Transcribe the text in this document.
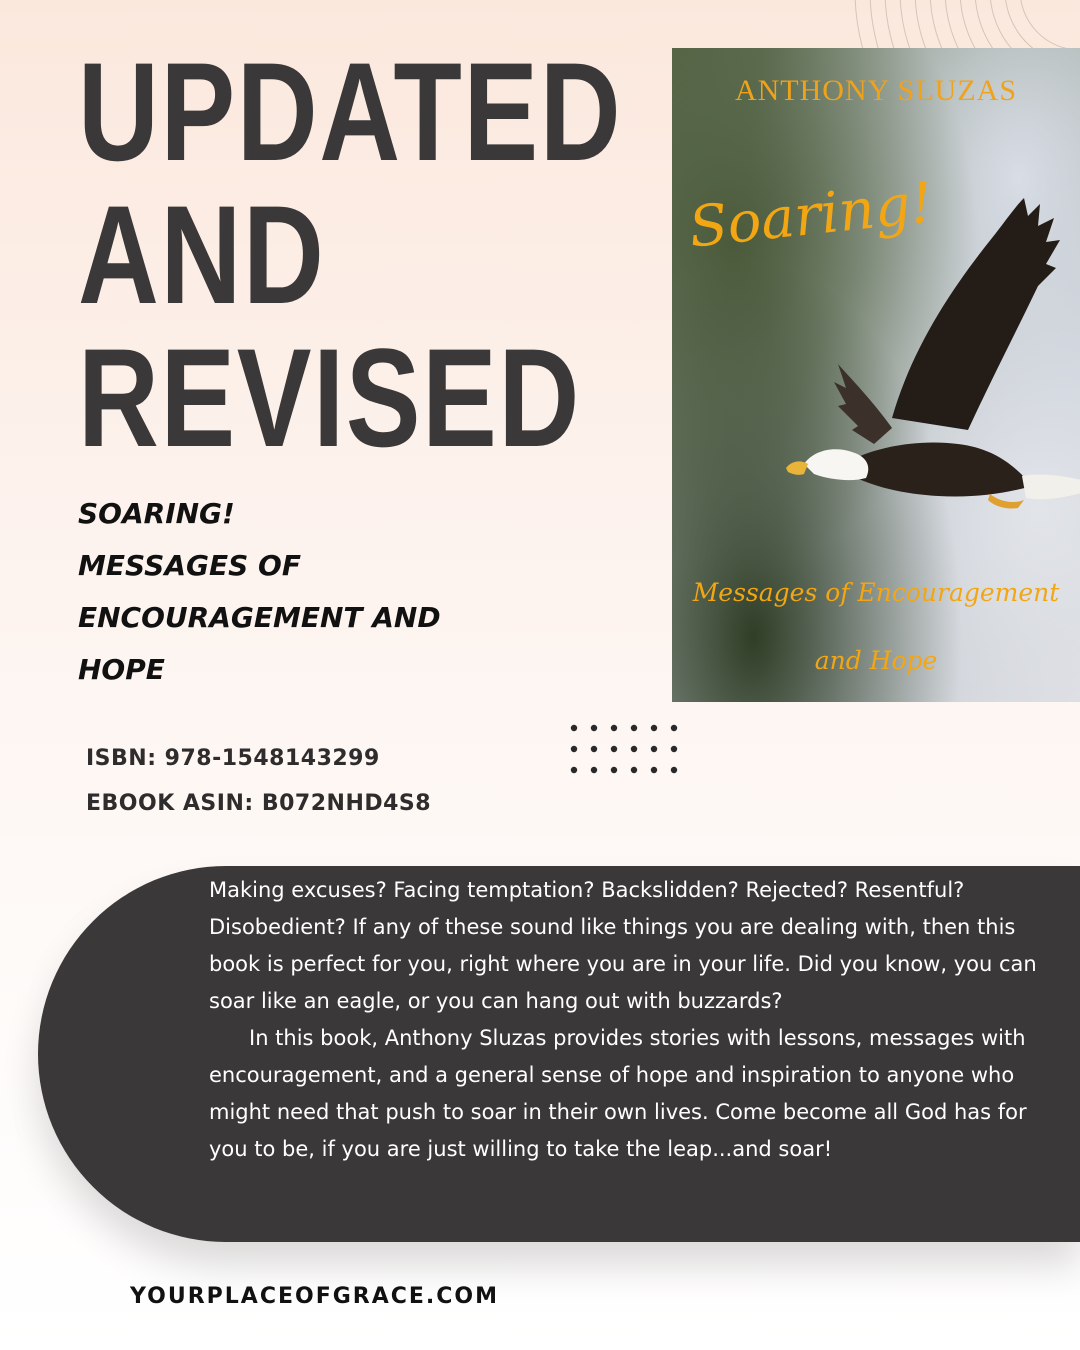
UPDATED
AND
REVISED
SOARING!
MESSAGES OF
ENCOURAGEMENT AND
HOPE
ISBN: 978-1548143299
EBOOK ASIN: B072NHD4S8
ANTHONY SLUZAS
Soaring!
Messages of Encouragement
and Hope

Making excuses? Facing temptation? Backslidden? Rejected? Resentful? Disobedient? If any of these sound like things you are dealing with, then this book is perfect for you, right where you are in your life. Did you know, you can soar like an eagle, or you can hang out with buzzards?

In this book, Anthony Sluzas provides stories with lessons, messages with encouragement, and a general sense of hope and inspiration to anyone who might need that push to soar in their own lives. Come become all God has for you to be, if you are just willing to take the leap...and soar!

YOURPLACEOFGRACE.COM
